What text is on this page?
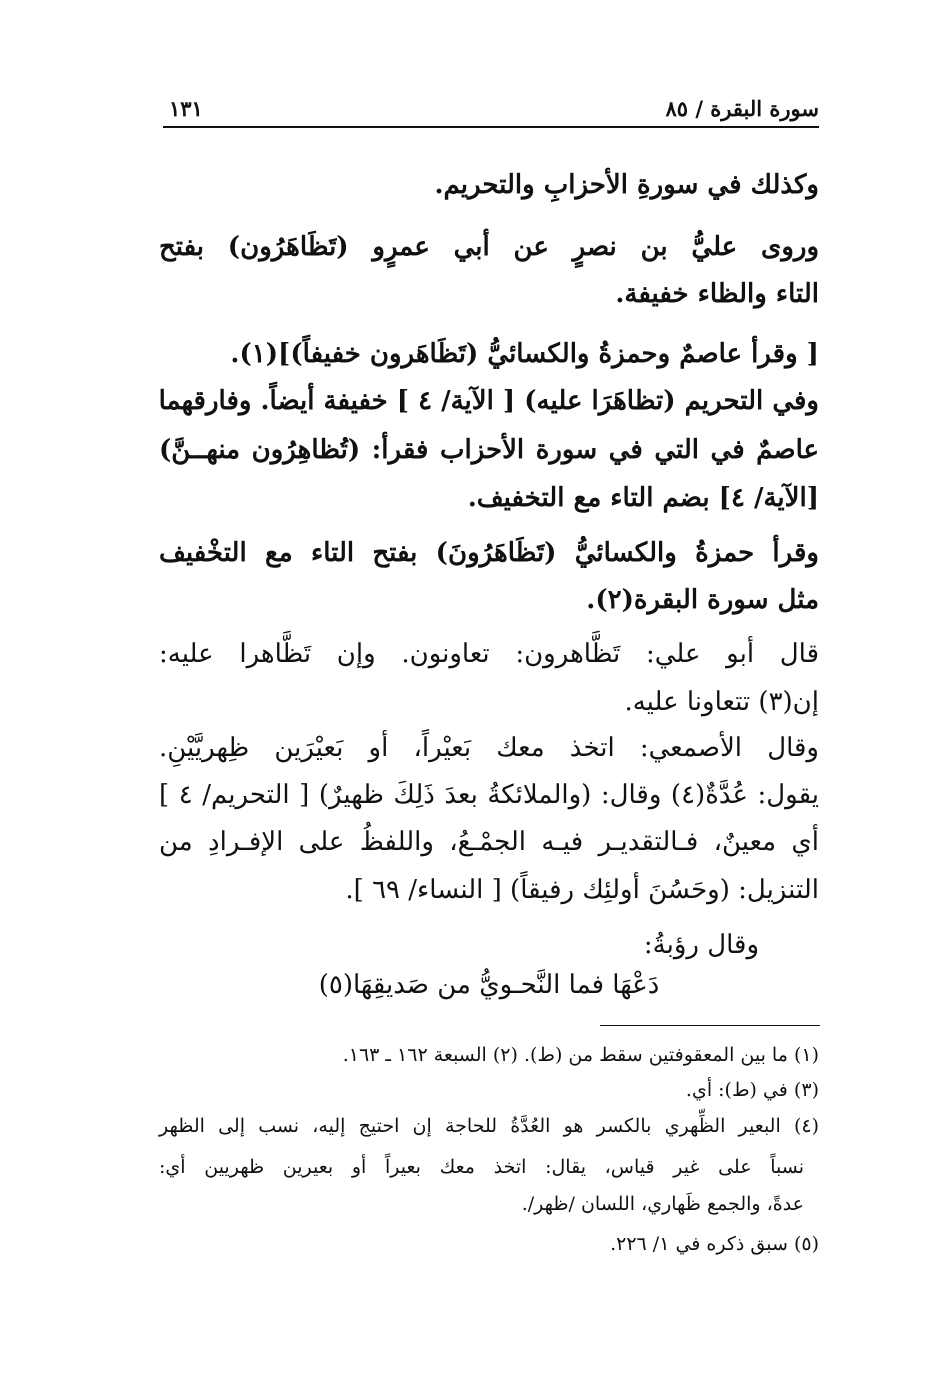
سورة البقرة / ٨٥
١٣١
وكذلك في سورةِ الأحزابِ والتحريم.
وروى عليُّ بن نصرٍ عن أبي عمرٍو (تَظَاهَرُون) بفتح
التاء والظاء خفيفة.
[ وقرأ عاصمٌ وحمزةُ والكسائيُّ (تَظَاهَرون خفيفاً)](١).
وفي التحريم (تظاهَرَا عليه) [ الآية/ ٤ ] خفيفة أيضاً. وفارقهما
عاصمٌ في التي في سورة الأحزاب فقرأ: (تُظاهِرُون منهــنَّ)
[الآية/ ٤] بضم التاء مع التخفيف.
وقرأ حمزةُ والكسائيُّ (تَظَاهَرُونَ) بفتح التاء مع التخْفيف
مثل سورة البقرة(٢).
قال أبو علي: تَظَّاهرون: تعاونون. وإن تَظَّاهرا عليه:
إن(٣) تتعاونا عليه.
وقال الأصمعي: اتخذ معك بَعيْراً، أو بَعيْرَين ظِهريَّيْنِ.
يقول: عُدَّةٌ(٤) وقال: (والملائكةُ بعدَ ذَلِكَ ظهيرٌ) [ التحريم/ ٤ ]
أي معينٌ، فـالتقديـر فيـه الجمْـعُ، واللفظُ على الإفـرادِ من
التنزيل: (وحَسُنَ أولئِك رفيقاً) [ النساء/ ٦٩ ].
وقال رؤبةُ:
دَعْهَا فما النَّحـويُّ من صَديقِهَا(٥)
(١) ما بين المعقوفتين سقط من (ط). (٢) السبعة ١٦٢ ـ ١٦٣.
(٣) في (ط): أي.
(٤) البعير الظِّهري بالكسر هو العُدَّةُ للحاجة إن احتيج إليه، نسب إلى الظهر
نسباً على غير قياس، يقال: اتخذ معك بعيراً أو بعيرين ظهريين أي:
عدةً، والجمع ظَهاري، اللسان /ظهر/.
(٥) سبق ذكره في ١/ ٢٢٦.
